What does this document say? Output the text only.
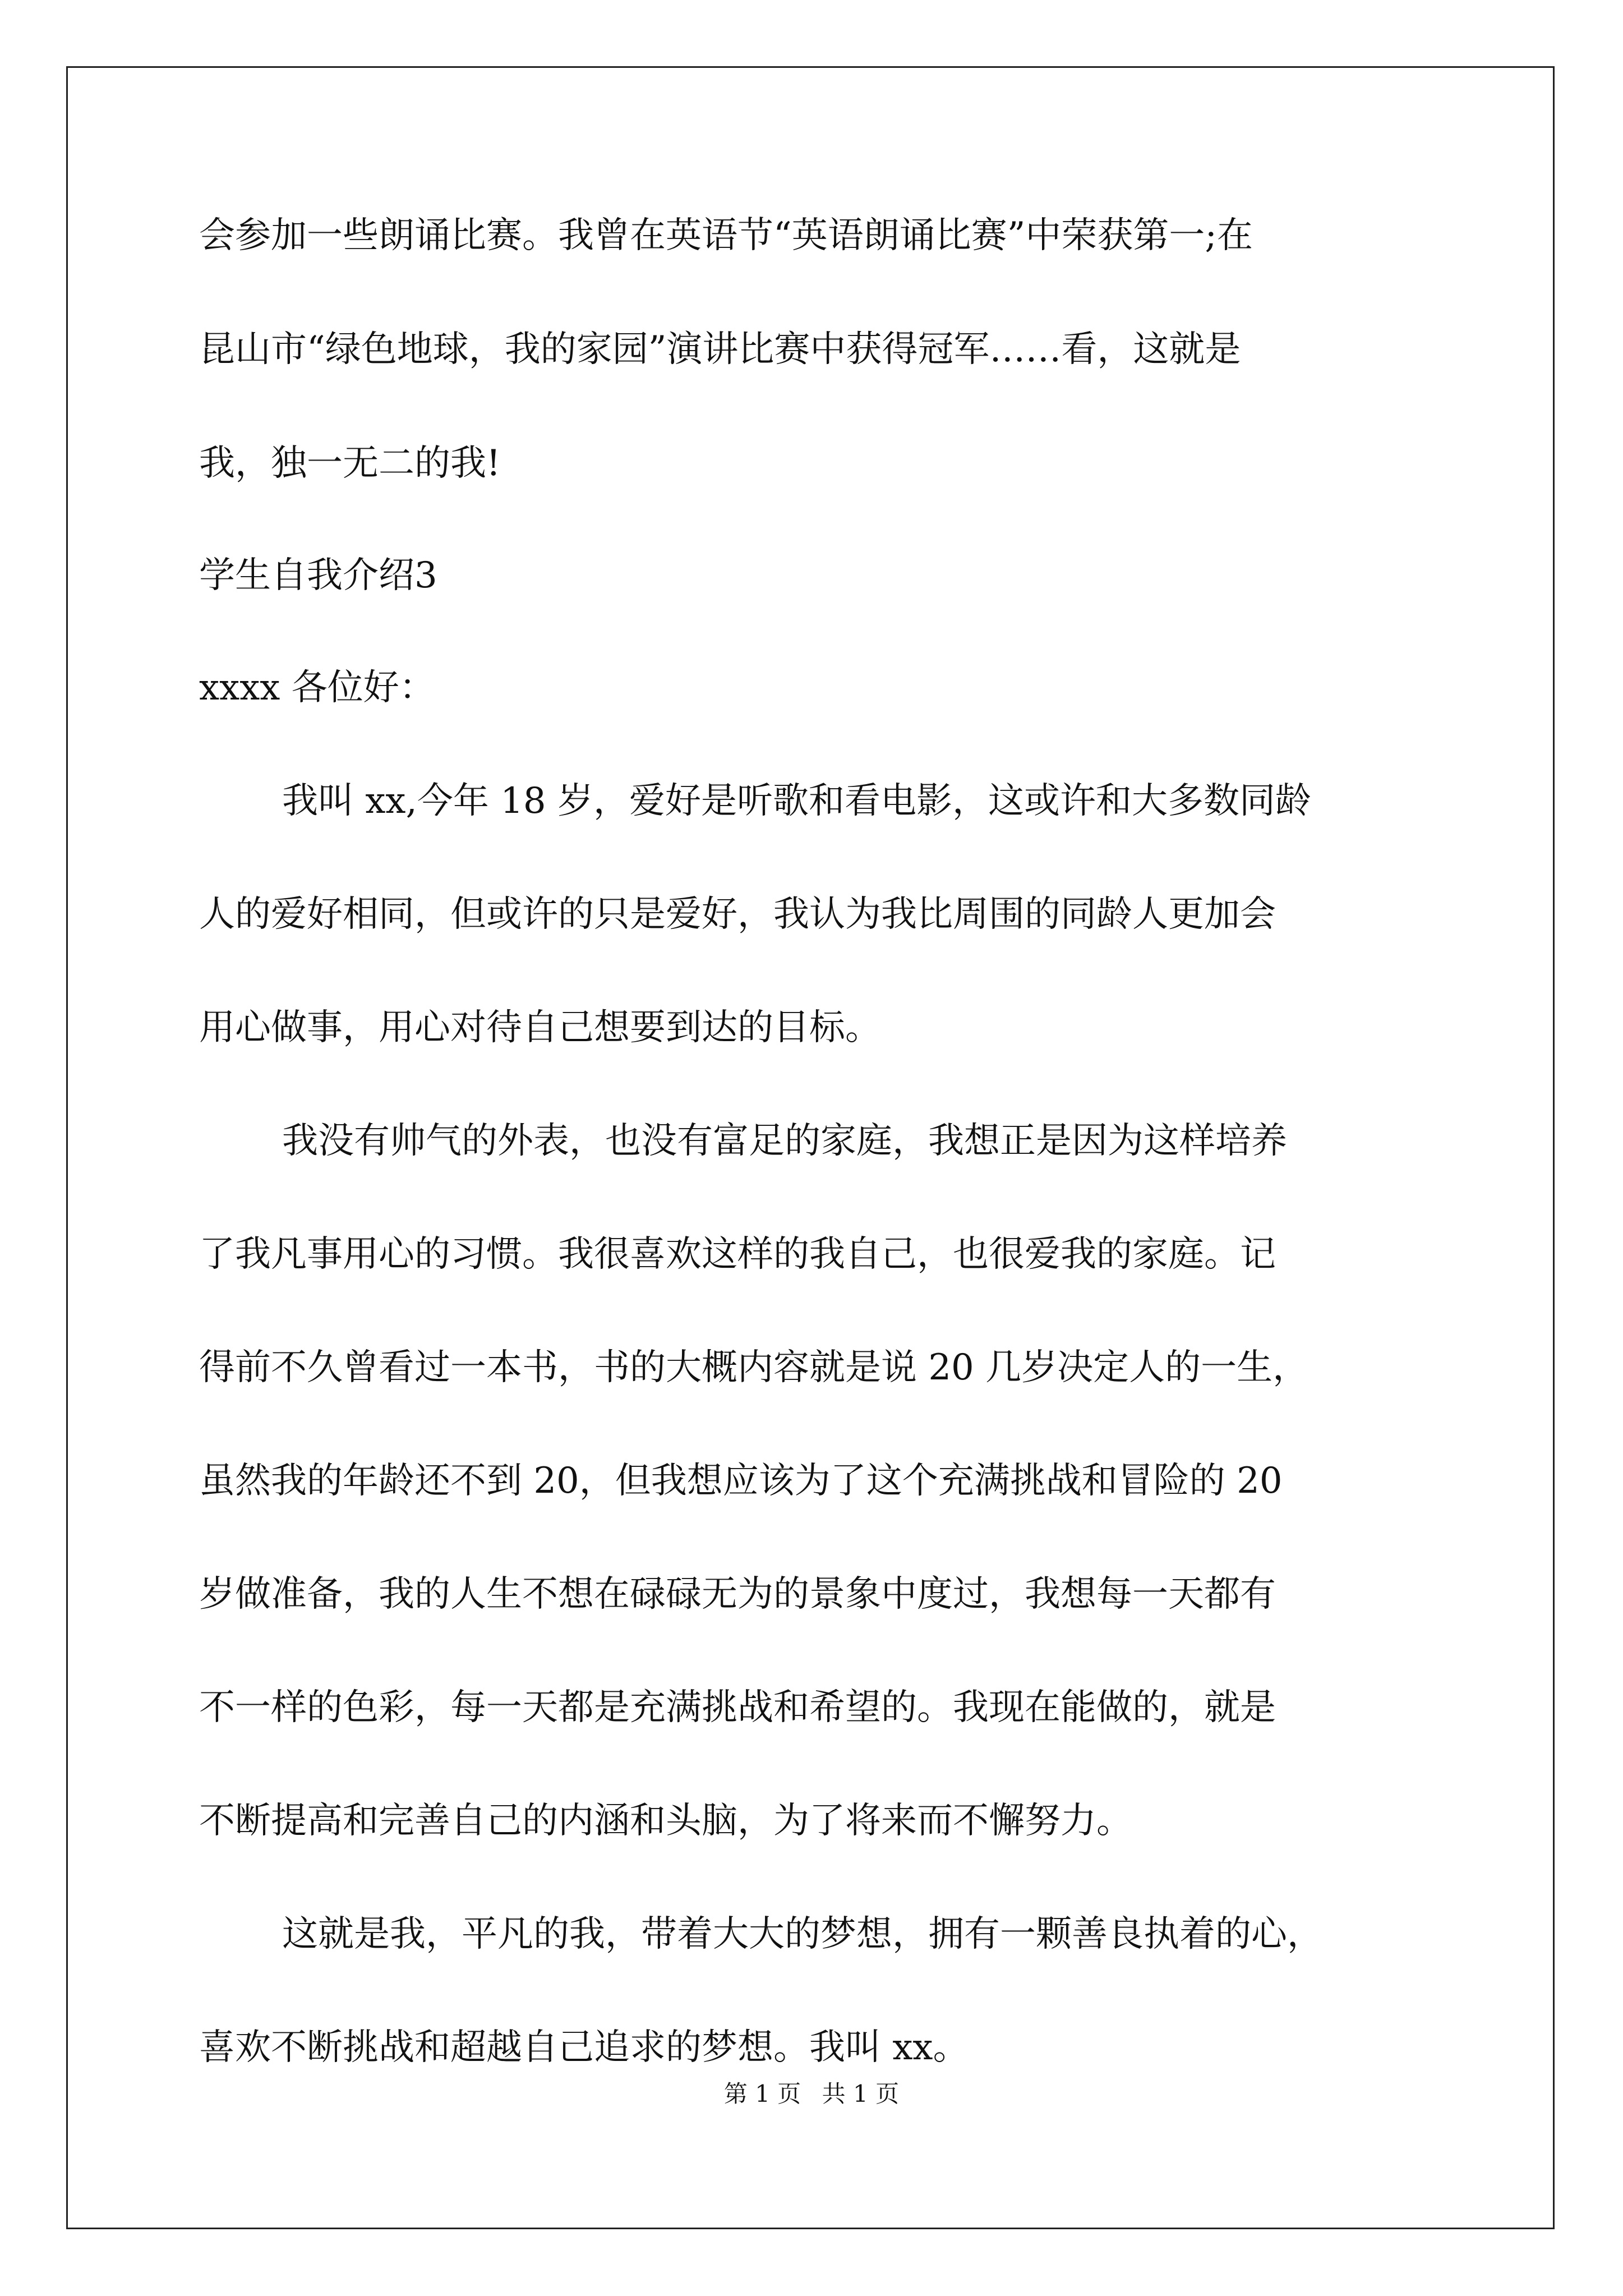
会参加一些朗诵比赛。我曾在英语节“英语朗诵比赛”中荣获第一;在
昆山市“绿色地球，我的家园”演讲比赛中获得冠军……看，这就是
我，独一无二的我!
学生自我介绍3
xxxx 各位好：
我叫 xx,今年 18 岁，爱好是听歌和看电影，这或许和大多数同龄
人的爱好相同，但或许的只是爱好，我认为我比周围的同龄人更加会
用心做事，用心对待自己想要到达的目标。
我没有帅气的外表，也没有富足的家庭，我想正是因为这样培养
了我凡事用心的习惯。我很喜欢这样的我自己，也很爱我的家庭。记
得前不久曾看过一本书，书的大概内容就是说 20 几岁决定人的一生，
虽然我的年龄还不到 20，但我想应该为了这个充满挑战和冒险的 20
岁做准备，我的人生不想在碌碌无为的景象中度过，我想每一天都有
不一样的色彩，每一天都是充满挑战和希望的。我现在能做的，就是
不断提高和完善自己的内涵和头脑，为了将来而不懈努力。
这就是我，平凡的我，带着大大的梦想，拥有一颗善良执着的心，
喜欢不断挑战和超越自己追求的梦想。我叫 xx。
第 1 页 共 1 页
